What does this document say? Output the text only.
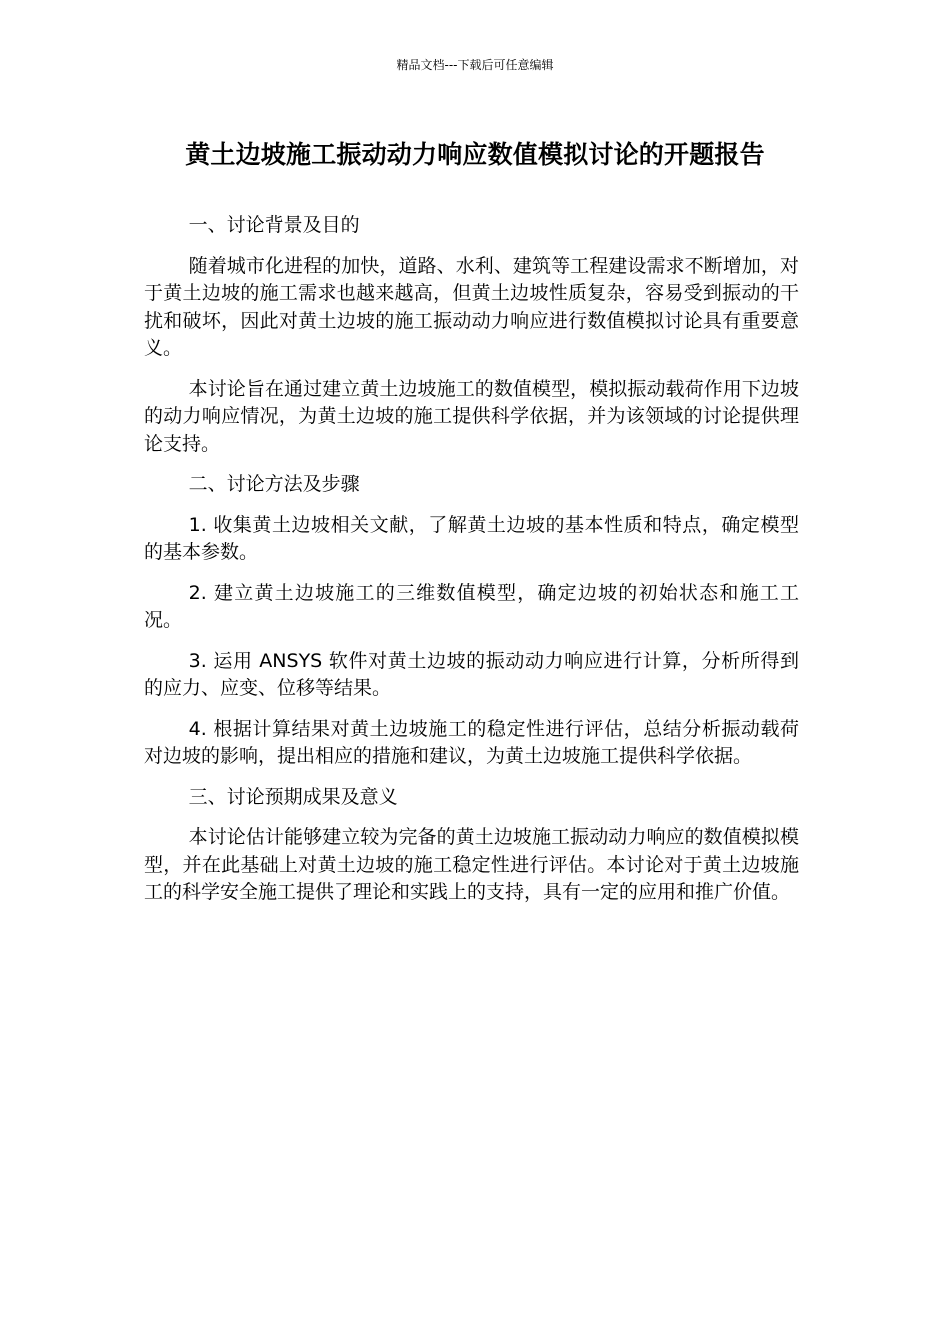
精品文档---下载后可任意编辑
黄土边坡施工振动动力响应数值模拟讨论的开题报告

一、讨论背景及目的

随着城市化进程的加快，道路、水利、建筑等工程建设需求不断增加，对于黄土边坡的施工需求也越来越高，但黄土边坡性质复杂，容易受到振动的干扰和破坏，因此对黄土边坡的施工振动动力响应进行数值模拟讨论具有重要意义。

本讨论旨在通过建立黄土边坡施工的数值模型，模拟振动载荷作用下边坡的动力响应情况，为黄土边坡的施工提供科学依据，并为该领域的讨论提供理论支持。

二、讨论方法及步骤

1. 收集黄土边坡相关文献，了解黄土边坡的基本性质和特点，确定模型的基本参数。

2. 建立黄土边坡施工的三维数值模型，确定边坡的初始状态和施工工况。

3. 运用 ANSYS 软件对黄土边坡的振动动力响应进行计算，分析所得到的应力、应变、位移等结果。

4. 根据计算结果对黄土边坡施工的稳定性进行评估，总结分析振动载荷对边坡的影响，提出相应的措施和建议，为黄土边坡施工提供科学依据。

三、讨论预期成果及意义

本讨论估计能够建立较为完备的黄土边坡施工振动动力响应的数值模拟模型，并在此基础上对黄土边坡的施工稳定性进行评估。本讨论对于黄土边坡施工的科学安全施工提供了理论和实践上的支持，具有一定的应用和推广价值。
